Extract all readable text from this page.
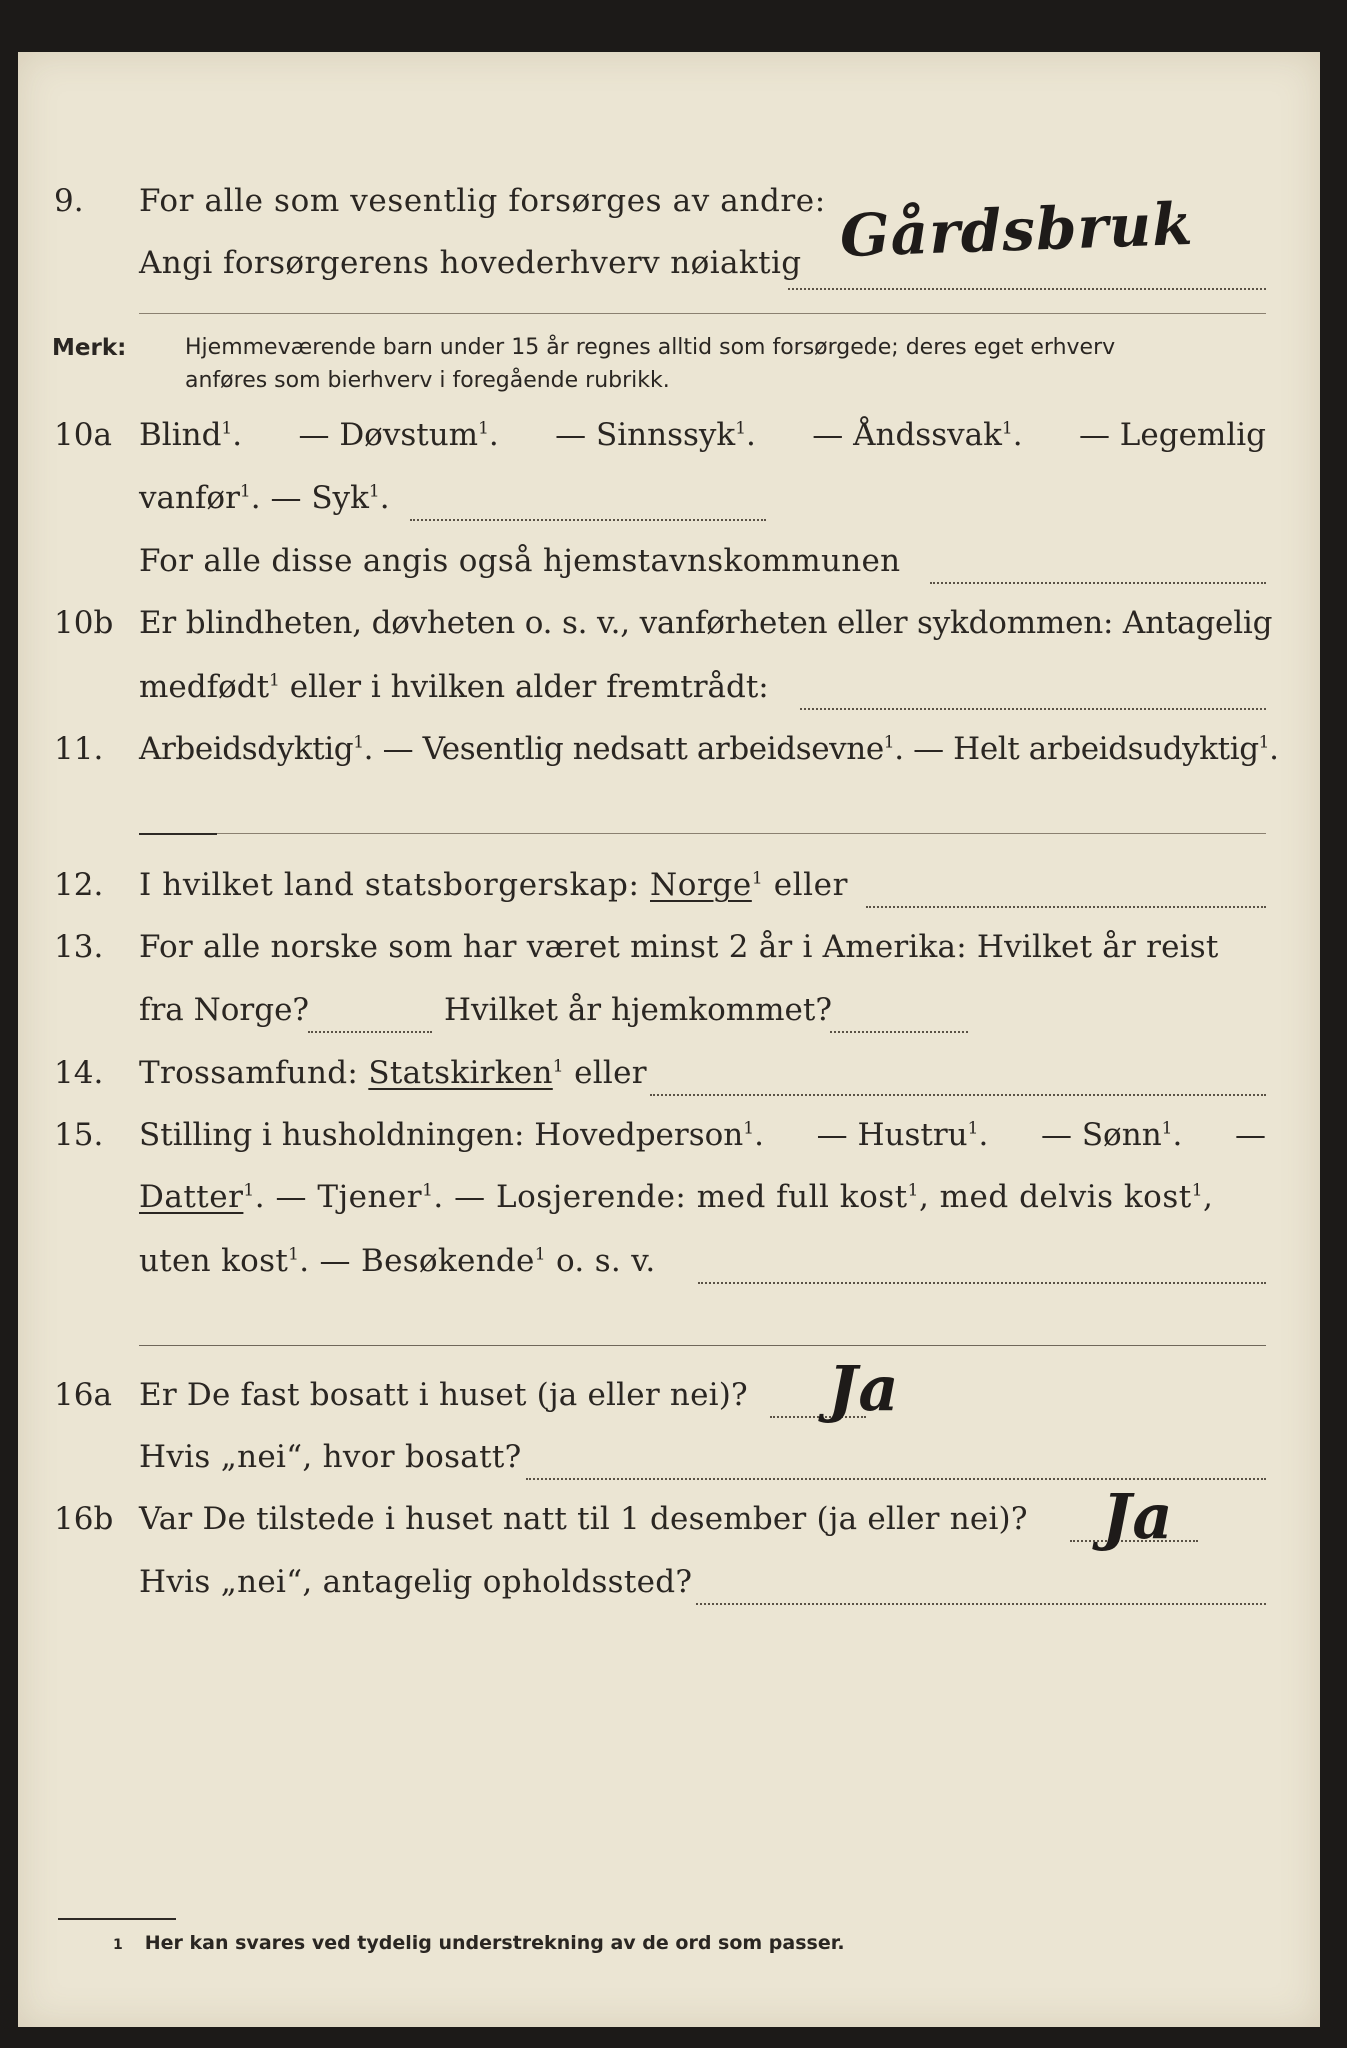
9. For alle som vesentlig forsørges av andre:
Angi forsørgerens hovederhverv nøiaktig Gårdsbruk
Merk:	Hjemmeværende barn under 15 år regnes alltid som forsørgede; deres eget erhverv
anføres som bierhverv i foregående rubrikk.
10a Blind$^1$. — Døvstum$^1$. — Sinnssyk$^1$. — Åndssvak$^1$. — Legemlig
vanfør$^1$. — Syk$^1$.
For alle disse angis også hjemstavnskommunen
10b Er blindheten, døvheten o. s. v., vanførheten eller sykdommen: Antagelig
medfødt$^1$ eller i hvilken alder fremtrådt:
11. Arbeidsdyktig$^1$. — Vesentlig nedsatt arbeidsevne$^1$. — Helt arbeidsudyktig$^1$.
12. I hvilket land statsborgerskap: Norge$^1$ eller
13. For alle norske som har været minst 2 år i Amerika: Hvilket år reist
fra Norge?	Hvilket år hjemkommet?
14. Trossamfund: Statskirken$^1$ eller
15. Stilling i husholdningen: Hovedperson$^1$. — Hustru$^1$. — Sønn$^1$. —
Datter$^1$. — Tjener$^1$. — Losjerende: med full kost$^1$, med delvis kost$^1$,
uten kost$^1$. — Besøkende$^1$ o. s. v.
16a Er De fast bosatt i huset (ja eller nei)? Ja
Hvis „nei“, hvor bosatt?
16b Var De tilstede i huset natt til 1 desember (ja eller nei)? Ja
Hvis „nei“, antagelig opholdssted?
1 Her kan svares ved tydelig understrekning av de ord som passer.
